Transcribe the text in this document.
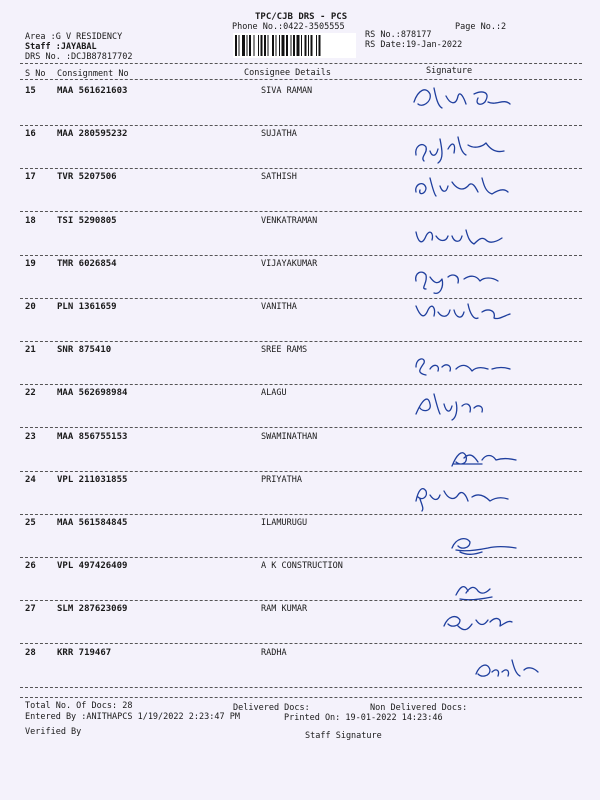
TPC/CJB DRS - PCS
Phone No.:0422-3505555	Page No.:2
Area :G V RESIDENCY
Staff :JAYABAL
DRS No. :DCJB87817702
RS No.:878177
RS Date:19-Jan-2022
S No Consignment No	Consignee Details	Signature
15 MAA 561621603	SIVA RAMAN
16 MAA 280595232	SUJATHA
17 TVR 5207506	SATHISH
18 TSI 5290805	VENKATRAMAN
19 TMR 6026854	VIJAYAKUMAR
20 PLN 1361659	VANITHA
21 SNR 875410	SREE RAMS
22 MAA 562698984	ALAGU
23 MAA 856755153	SWAMINATHAN
24 VPL 211031855	PRIYATHA
25 MAA 561584845	ILAMURUGU
26 VPL 497426409	A K CONSTRUCTION
27 SLM 287623069	RAM KUMAR
28 KRR 719467	RADHA
Total No. Of Docs: 28	Delivered Docs:	Non Delivered Docs:
Entered By :ANITHAPCS 1/19/2022 2:23:47 PM	Printed On: 19-01-2022 14:23:46
Verified By	Staff Signature
